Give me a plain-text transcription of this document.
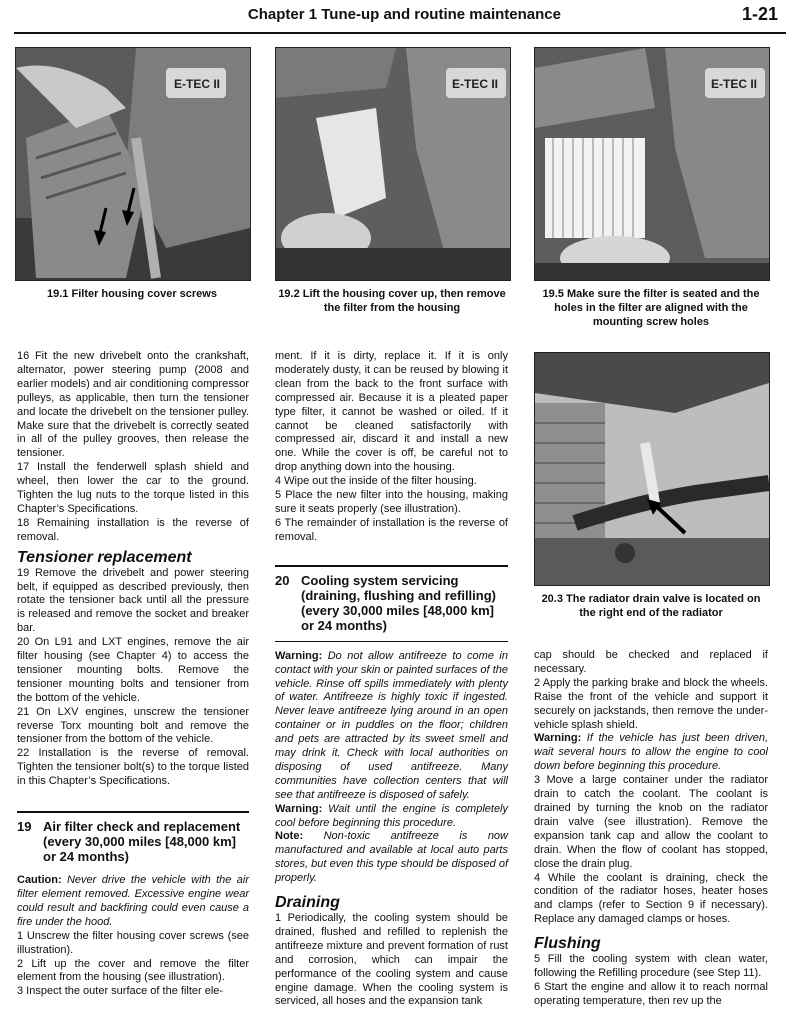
Chapter 1 Tune-up and routine maintenance	1-21
E-TEC II
19.1 Filter housing cover screws
E-TEC II
19.2 Lift the housing cover up, then remove the filter from the housing
E-TEC II
19.5 Make sure the filter is seated and the holes in the filter are aligned with the mounting screw holes
20.3 The radiator drain valve is located on the right end of the radiator

16 Fit the new drivebelt onto the crankshaft, alternator, power steering pump (2008 and earlier models) and air conditioning compressor pulleys, as applicable, then turn the tensioner and locate the drivebelt on the tensioner pulley. Make sure that the drivebelt is correctly seated in all of the pulley grooves, then release the tensioner.

17 Install the fenderwell splash shield and wheel, then lower the car to the ground. Tighten the lug nuts to the torque listed in this Chapter’s Specifications.

18 Remaining installation is the reverse of removal.

Tensioner replacement

19 Remove the drivebelt and power steering belt, if equipped as described previously, then rotate the tensioner back until all the pressure is released and remove the socket and breaker bar.

20 On L91 and LXT engines, remove the air filter housing (see Chapter 4) to access the tensioner mounting bolts. Remove the tensioner mounting bolts and tensioner from the bottom of the vehicle.

21 On LXV engines, unscrew the tensioner reverse Torx mounting bolt and remove the tensioner from the bottom of the vehicle.

22 Installation is the reverse of removal. Tighten the tensioner bolt(s) to the torque listed in this Chapter’s Specifications.

19 Air filter check and replacement (every 30,000 miles [48,000 km] or 24 months)

Caution: Never drive the vehicle with the air filter element removed. Excessive engine wear could result and backfiring could even cause a fire under the hood.

1 Unscrew the filter housing cover screws (see illustration).

2 Lift up the cover and remove the filter element from the housing (see illustration).

3 Inspect the outer surface of the filter ele-

ment. If it is dirty, replace it. If it is only moderately dusty, it can be reused by blowing it clean from the back to the front surface with compressed air. Because it is a pleated paper type filter, it cannot be washed or oiled. If it cannot be cleaned satisfactorily with compressed air, discard it and install a new one. While the cover is off, be careful not to drop anything down into the housing.

4 Wipe out the inside of the filter housing.

5 Place the new filter into the housing, making sure it seats properly (see illustration).

6 The remainder of installation is the reverse of removal.

20 Cooling system servicing (draining, flushing and refilling) (every 30,000 miles [48,000 km] or 24 months)

Warning: Do not allow antifreeze to come in contact with your skin or painted surfaces of the vehicle. Rinse off spills immediately with plenty of water. Antifreeze is highly toxic if ingested. Never leave antifreeze lying around in an open container or in puddles on the floor; children and pets are attracted by its sweet smell and may drink it. Check with local authorities on disposing of used antifreeze. Many communities have collection centers that will see that antifreeze is disposed of safely.

Warning: Wait until the engine is completely cool before beginning this procedure.

Note: Non-toxic antifreeze is now manufactured and available at local auto parts stores, but even this type should be disposed of properly.

Draining

1 Periodically, the cooling system should be drained, flushed and refilled to replenish the antifreeze mixture and prevent formation of rust and corrosion, which can impair the performance of the cooling system and cause engine damage. When the cooling system is serviced, all hoses and the expansion tank

cap should be checked and replaced if necessary.

2 Apply the parking brake and block the wheels. Raise the front of the vehicle and support it securely on jackstands, then remove the under-vehicle splash shield.

Warning: If the vehicle has just been driven, wait several hours to allow the engine to cool down before beginning this procedure.

3 Move a large container under the radiator drain to catch the coolant. The coolant is drained by turning the knob on the radiator drain valve (see illustration). Remove the expansion tank cap and allow the coolant to drain. When the flow of coolant has stopped, close the drain plug.

4 While the coolant is draining, check the condition of the radiator hoses, heater hoses and clamps (refer to Section 9 if necessary). Replace any damaged clamps or hoses.

Flushing

5 Fill the cooling system with clean water, following the Refilling procedure (see Step 11).

6 Start the engine and allow it to reach normal operating temperature, then rev up the
